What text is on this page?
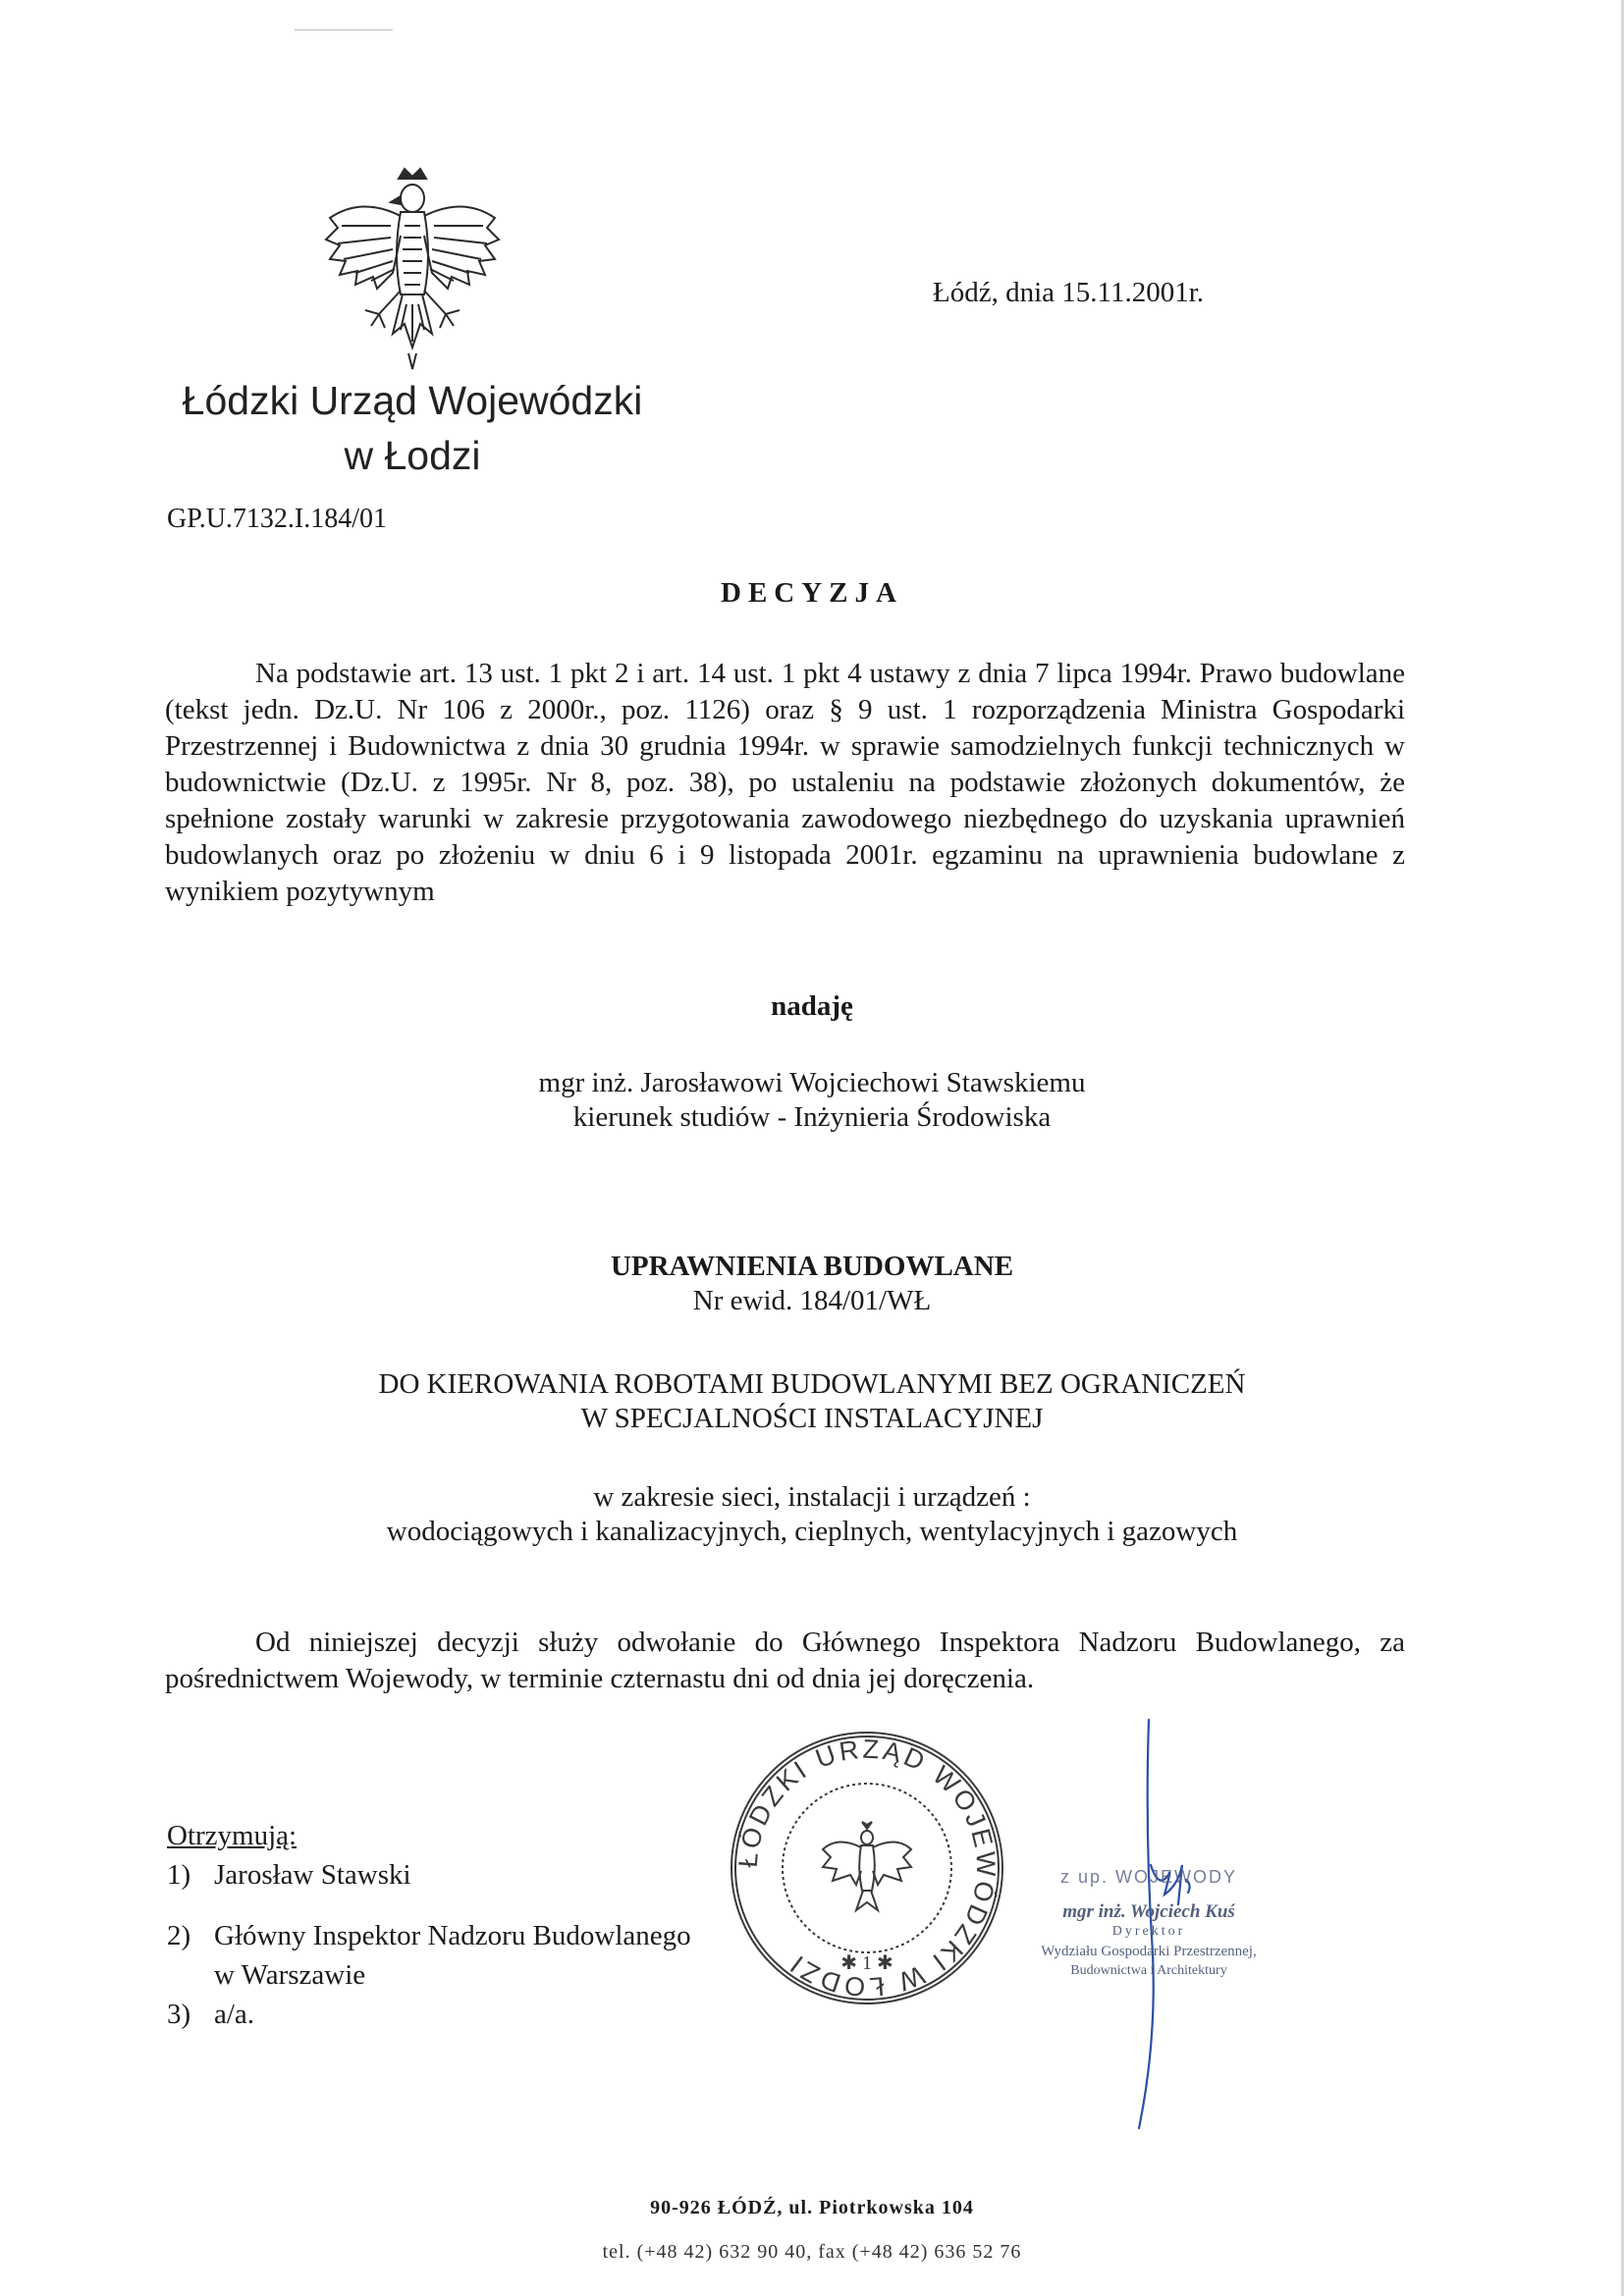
Łódzki Urząd Wojewódzki
w Łodzi
Łódź, dnia 15.11.2001r.
GP.U.7132.I.184/01
DECYZJA
Na podstawie art. 13 ust. 1 pkt 2 i art. 14 ust. 1 pkt 4 ustawy z dnia 7 lipca 1994r. Prawo budowlane (tekst jedn. Dz.U. Nr 106 z 2000r., poz. 1126) oraz § 9 ust. 1 rozporządzenia Ministra Gospodarki Przestrzennej i Budownictwa z dnia 30 grudnia 1994r. w sprawie samodzielnych funkcji technicznych w budownictwie (Dz.U. z 1995r. Nr 8, poz. 38), po ustaleniu na podstawie złożonych dokumentów, że spełnione zostały warunki w zakresie przygotowania zawodowego niezbędnego do uzyskania uprawnień budowlanych oraz po złożeniu w dniu 6 i 9 listopada 2001r. egzaminu na uprawnienia budowlane z wynikiem pozytywnym
nadaję
mgr inż. Jarosławowi Wojciechowi Stawskiemu
kierunek studiów - Inżynieria Środowiska
UPRAWNIENIA BUDOWLANE
Nr ewid. 184/01/WŁ
DO KIEROWANIA ROBOTAMI BUDOWLANYMI BEZ OGRANICZEŃ
W SPECJALNOŚCI INSTALACYJNEJ
w zakresie sieci, instalacji i urządzeń :
wodociągowych i kanalizacyjnych, cieplnych, wentylacyjnych i gazowych
Od niniejszej decyzji służy odwołanie do Głównego Inspektora Nadzoru Budowlanego, za pośrednictwem Wojewody, w terminie czternastu dni od dnia jej doręczenia.
Otrzymują:
1) Jarosław Stawski
2) Główny Inspektor Nadzoru Budowlanego
w Warszawie
3) a/a.
ŁÓDZKI URZĄD WOJEWÓDZKI W ŁODZI	✱ 1 ✱
z up. WOJEWODY
mgr inż. Wojciech Kuś
Dyrektor
Wydziału Gospodarki Przestrzennej,
Budownictwa i Architektury
90-926 ŁÓDŹ, ul. Piotrkowska 104
tel. (+48 42) 632 90 40, fax (+48 42) 636 52 76
